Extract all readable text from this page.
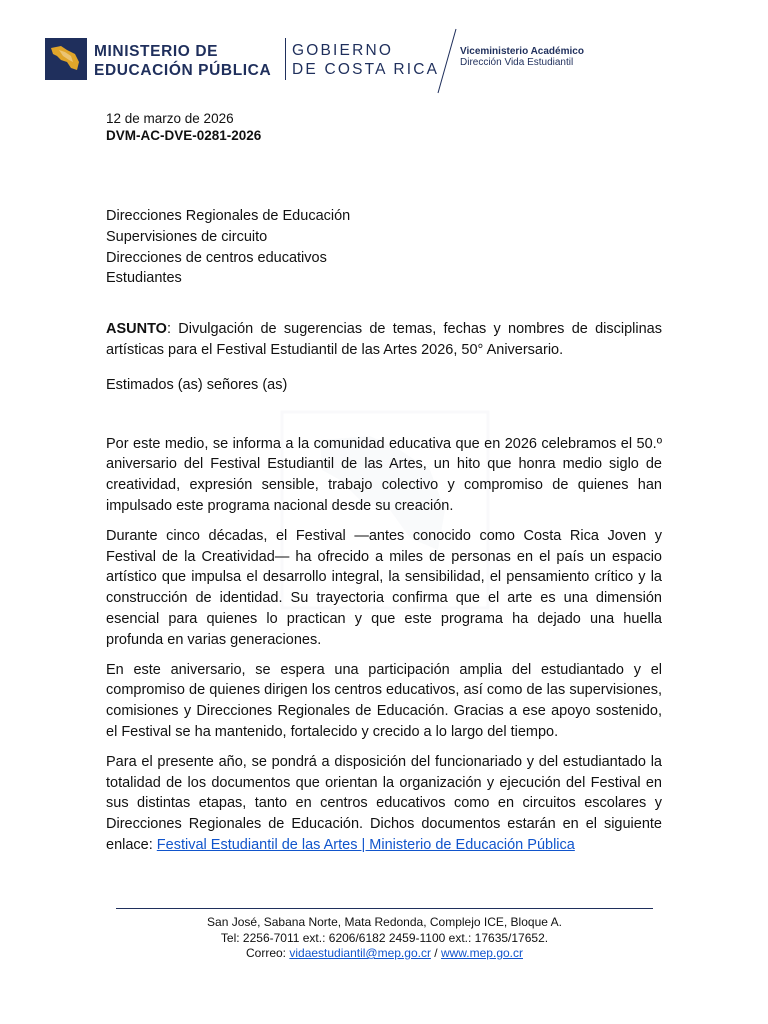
MINISTERIO DE
EDUCACIÓN PÚBLICA
GOBIERNO
DE COSTA RICA
Viceministerio Académico
Dirección Vida Estudiantil
12 de marzo de 2026
DVM-AC-DVE-0281-2026
Direcciones Regionales de Educación
Supervisiones de circuito
Direcciones de centros educativos
Estudiantes
ASUNTO: Divulgación de sugerencias de temas, fechas y nombres de disciplinas artísticas para el Festival Estudiantil de las Artes 2026, 50° Aniversario.
Estimados (as) señores (as)
Por este medio, se informa a la comunidad educativa que en 2026 celebramos el 50.º aniversario del Festival Estudiantil de las Artes, un hito que honra medio siglo de creatividad, expresión sensible, trabajo colectivo y compromiso de quienes han impulsado este programa nacional desde su creación.
Durante cinco décadas, el Festival —antes conocido como Costa Rica Joven y Festival de la Creatividad— ha ofrecido a miles de personas en el país un espacio artístico que impulsa el desarrollo integral, la sensibilidad, el pensamiento crítico y la construcción de identidad. Su trayectoria confirma que el arte es una dimensión esencial para quienes lo practican y que este programa ha dejado una huella profunda en varias generaciones.
En este aniversario, se espera una participación amplia del estudiantado y el compromiso de quienes dirigen los centros educativos, así como de las supervisiones, comisiones y Direcciones Regionales de Educación. Gracias a ese apoyo sostenido, el Festival se ha mantenido, fortalecido y crecido a lo largo del tiempo.
Para el presente año, se pondrá a disposición del funcionariado y del estudiantado la totalidad de los documentos que orientan la organización y ejecución del Festival en sus distintas etapas, tanto en centros educativos como en circuitos escolares y Direcciones Regionales de Educación. Dichos documentos estarán en el siguiente enlace: Festival Estudiantil de las Artes | Ministerio de Educación Pública
San José, Sabana Norte, Mata Redonda, Complejo ICE, Bloque A.
Tel: 2256-7011 ext.: 6206/6182 2459-1100 ext.: 17635/17652.
Correo: vidaestudiantil@mep.go.cr / www.mep.go.cr
